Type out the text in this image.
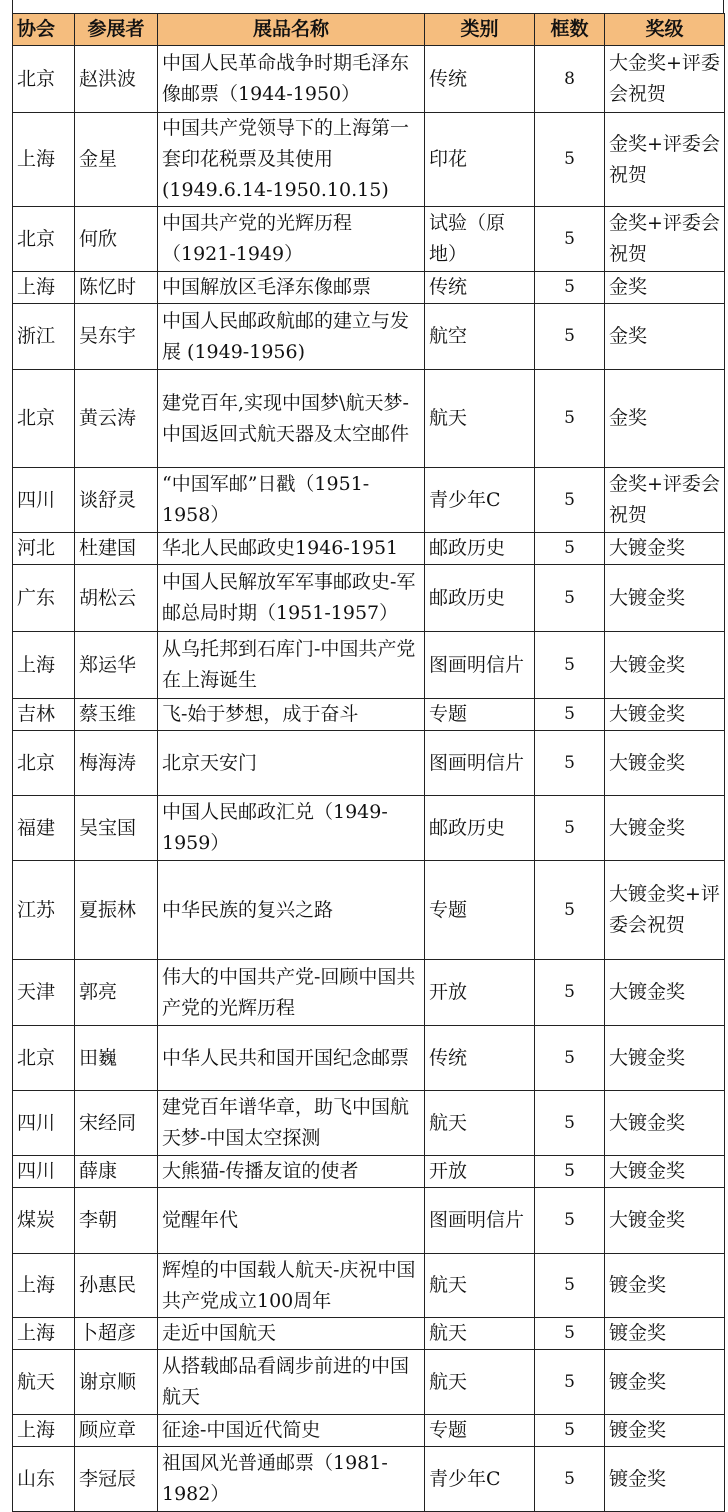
协会	参展者	展品名称	类别	框数	奖级
北京	赵洪波	中国人民革命战争时期毛泽东像邮票（1944-1950）	传统	8	大金奖+评委会祝贺
上海	金星	中国共产党领导下的上海第一套印花税票及其使用(1949.6.14-1950.10.15)	印花	5	金奖+评委会祝贺
北京	何欣	中国共产党的光辉历程（1921-1949）	试验（原地）	5	金奖+评委会祝贺
上海	陈忆时	中国解放区毛泽东像邮票	传统	5	金奖
浙江	吴东宇	中国人民邮政航邮的建立与发展 (1949-1956)	航空	5	金奖
北京	黄云涛	建党百年,实现中国梦\航天梦-中国返回式航天器及太空邮件	航天	5	金奖
四川	谈舒灵	“中国军邮”日戳（1951-1958）	青少年C	5	金奖+评委会祝贺
河北	杜建国	华北人民邮政史1946-1951	邮政历史	5	大镀金奖
广东	胡松云	中国人民解放军军事邮政史-军邮总局时期（1951-1957）	邮政历史	5	大镀金奖
上海	郑运华	从乌托邦到石库门-中国共产党在上海诞生	图画明信片	5	大镀金奖
吉林	蔡玉维	飞-始于梦想，成于奋斗	专题	5	大镀金奖
北京	梅海涛	北京天安门	图画明信片	5	大镀金奖
福建	吴宝国	中国人民邮政汇兑（1949-1959）	邮政历史	5	大镀金奖
江苏	夏振林	中华民族的复兴之路	专题	5	大镀金奖+评委会祝贺
天津	郭亮	伟大的中国共产党-回顾中国共产党的光辉历程	开放	5	大镀金奖
北京	田巍	中华人民共和国开国纪念邮票	传统	5	大镀金奖
四川	宋经同	建党百年谱华章，助飞中国航天梦-中国太空探测	航天	5	大镀金奖
四川	薛康	大熊猫-传播友谊的使者	开放	5	大镀金奖
煤炭	李朝	觉醒年代	图画明信片	5	大镀金奖
上海	孙惠民	辉煌的中国载人航天-庆祝中国共产党成立100周年	航天	5	镀金奖
上海	卜超彦	走近中国航天	航天	5	镀金奖
航天	谢京顺	从搭载邮品看阔步前进的中国航天	航天	5	镀金奖
上海	顾应章	征途-中国近代简史	专题	5	镀金奖
山东	李冠辰	祖国风光普通邮票（1981-1982）	青少年C	5	镀金奖
